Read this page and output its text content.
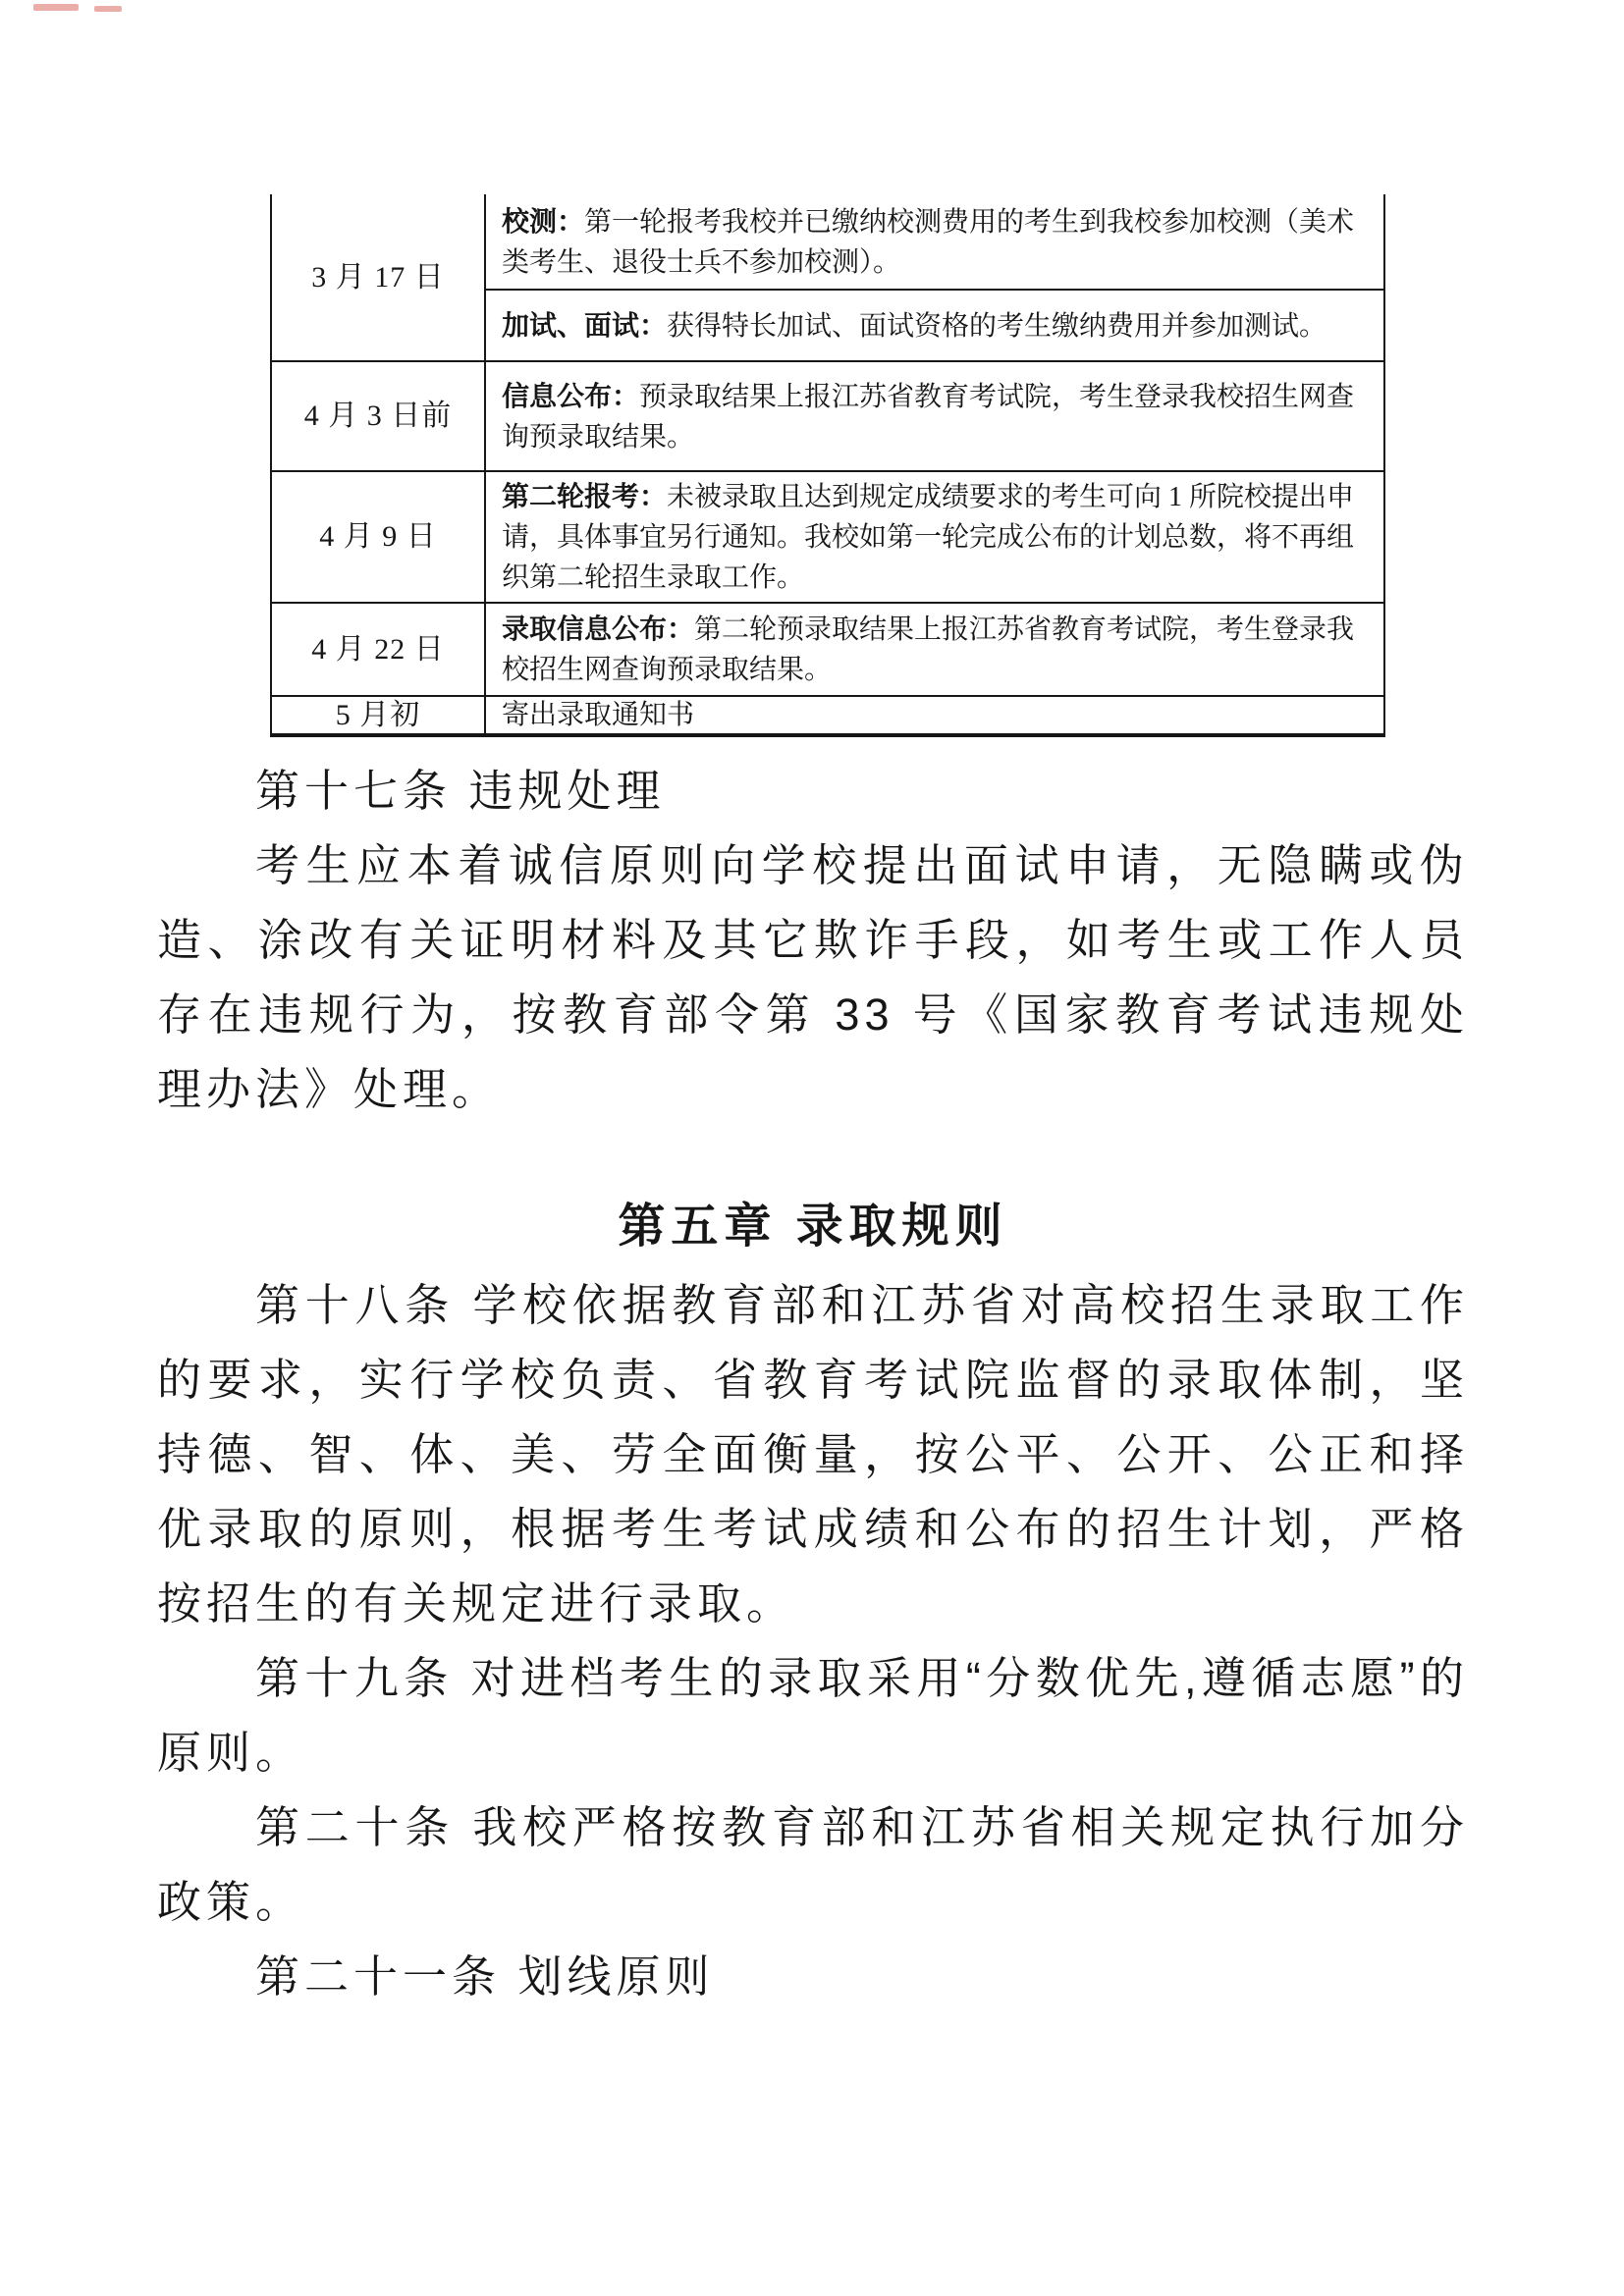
3 月 17 日	校测：第一轮报考我校并已缴纳校测费用的考生到我校参加校测（美术类考生、退役士兵不参加校测）。
	加试、面试：获得特长加试、面试资格的考生缴纳费用并参加测试。
4 月 3 日前	信息公布：预录取结果上报江苏省教育考试院，考生登录我校招生网查询预录取结果。
4 月 9 日	第二轮报考：未被录取且达到规定成绩要求的考生可向 1 所院校提出申请，具体事宜另行通知。我校如第一轮完成公布的计划总数，将不再组织第二轮招生录取工作。
4 月 22 日	录取信息公布：第二轮预录取结果上报江苏省教育考试院，考生登录我校招生网查询预录取结果。
5 月初	寄出录取通知书

第十七条 违规处理

考生应本着诚信原则向学校提出面试申请，无隐瞒或伪造、涂改有关证明材料及其它欺诈手段，如考生或工作人员存在违规行为，按教育部令第 33 号《国家教育考试违规处理办法》处理。

第五章 录取规则

第十八条 学校依据教育部和江苏省对高校招生录取工作的要求，实行学校负责、省教育考试院监督的录取体制，坚持德、智、体、美、劳全面衡量，按公平、公开、公正和择优录取的原则，根据考生考试成绩和公布的招生计划，严格按招生的有关规定进行录取。

第十九条 对进档考生的录取采用“分数优先,遵循志愿”的原则。

第二十条 我校严格按教育部和江苏省相关规定执行加分政策。

第二十一条 划线原则
